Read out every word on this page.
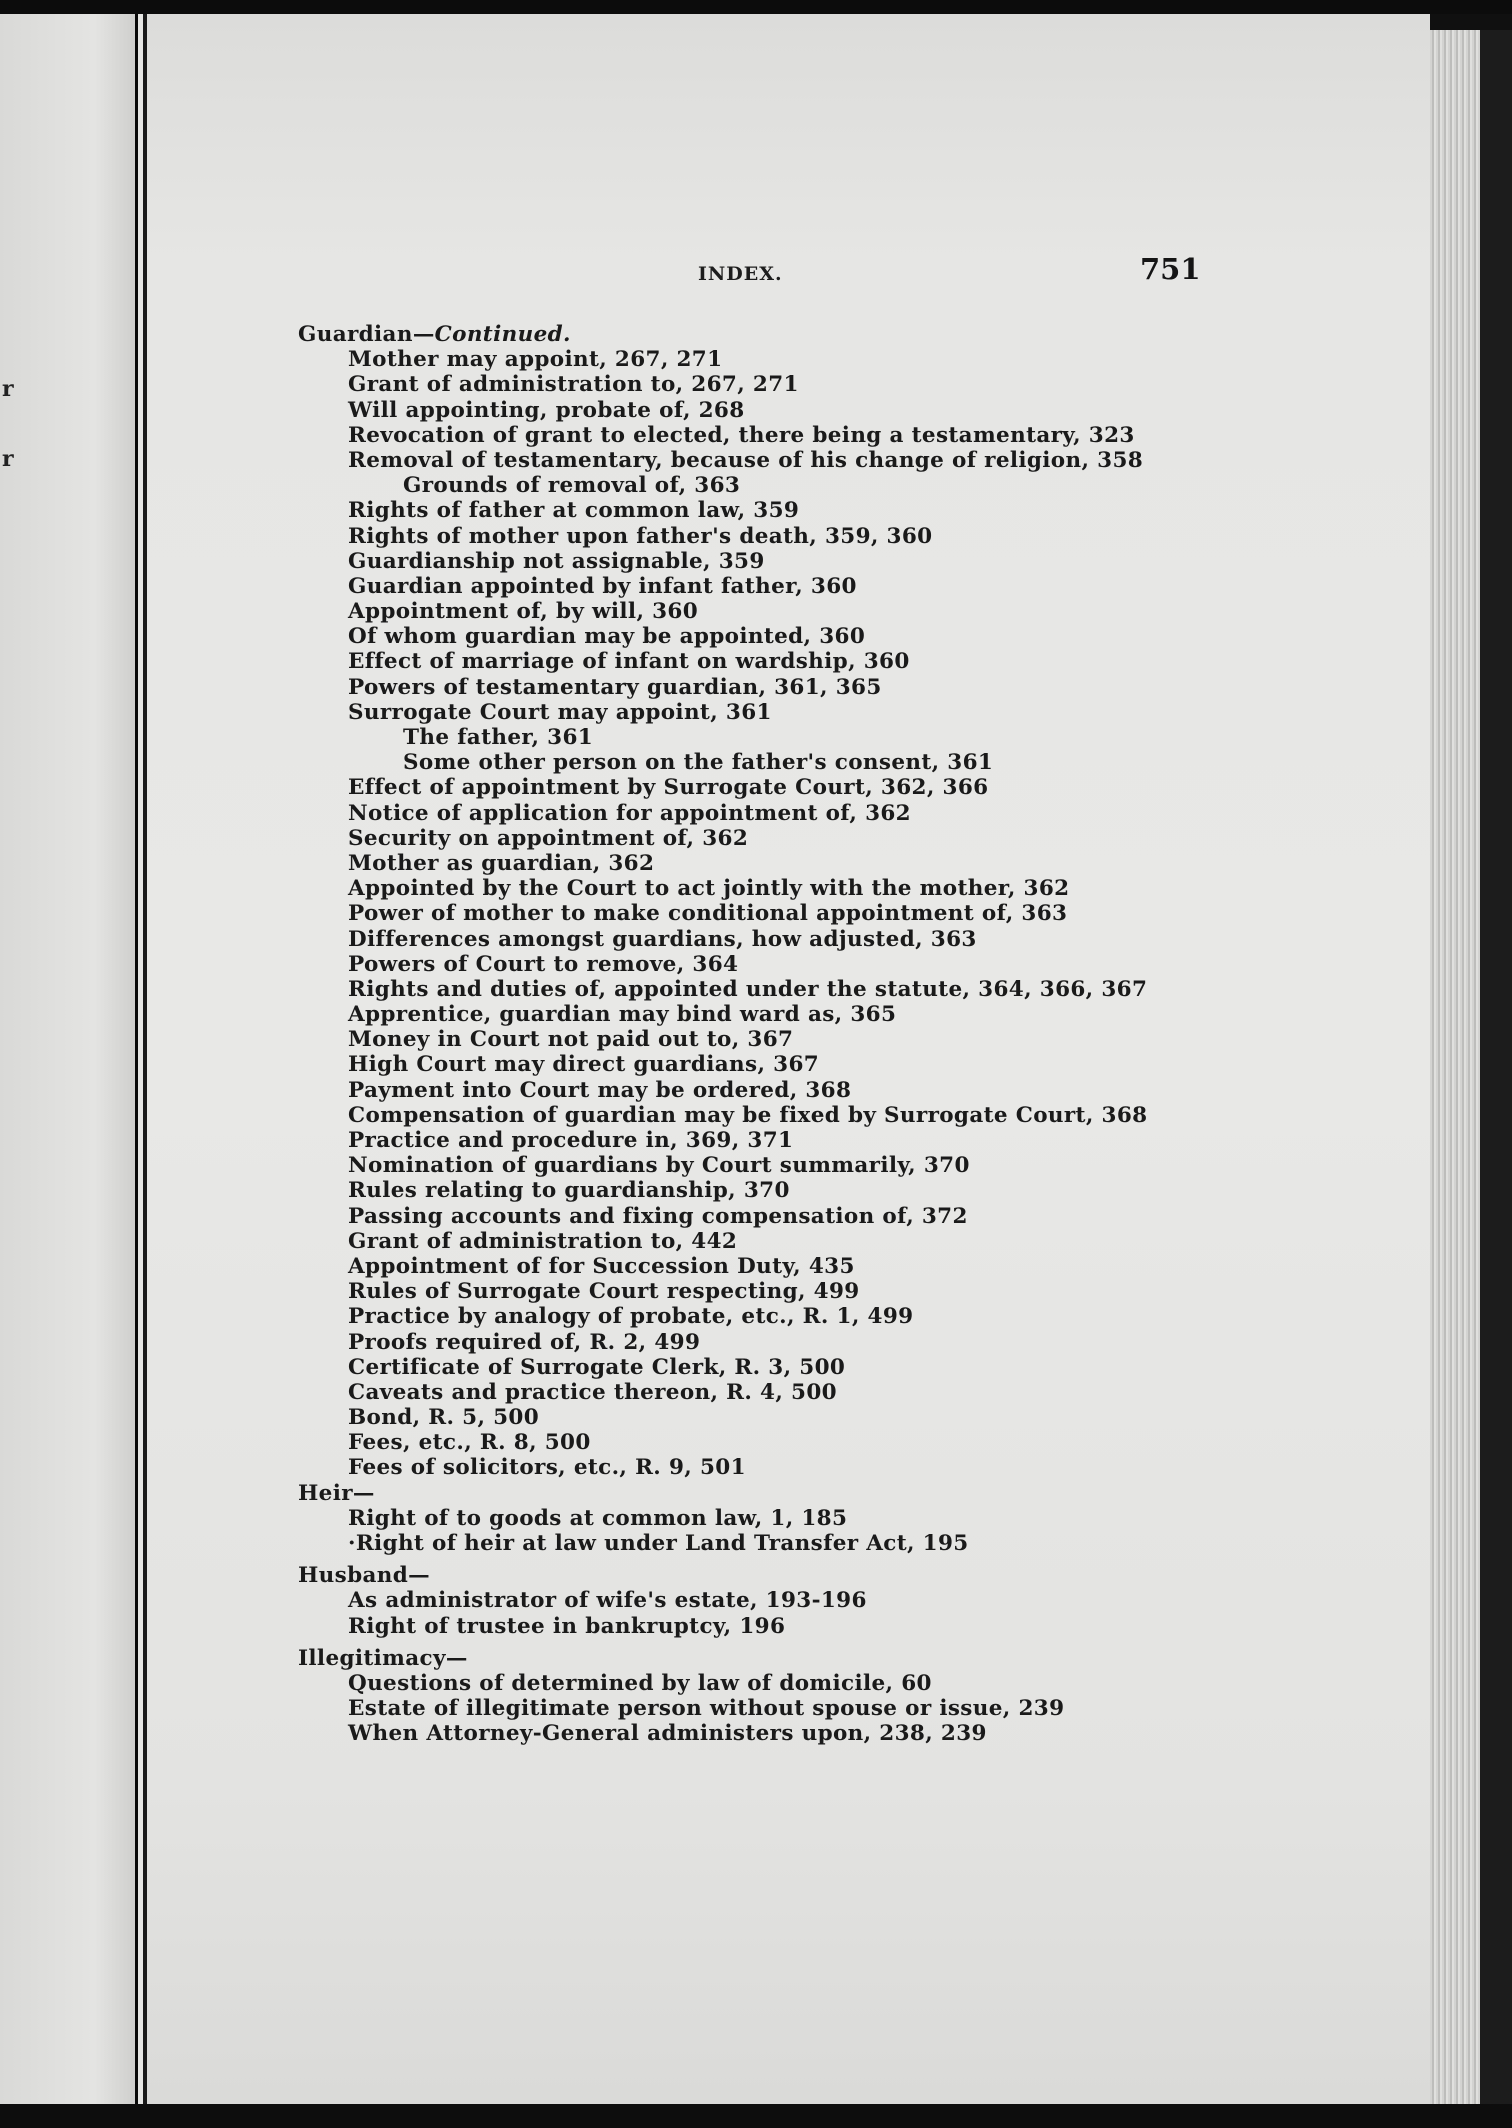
r
r
INDEX.	751
Guardian—Continued.
Mother may appoint, 267, 271
Grant of administration to, 267, 271
Will appointing, probate of, 268
Revocation of grant to elected, there being a testamentary, 323
Removal of testamentary, because of his change of religion, 358
Grounds of removal of, 363
Rights of father at common law, 359
Rights of mother upon father's death, 359, 360
Guardianship not assignable, 359
Guardian appointed by infant father, 360
Appointment of, by will, 360
Of whom guardian may be appointed, 360
Effect of marriage of infant on wardship, 360
Powers of testamentary guardian, 361, 365
Surrogate Court may appoint, 361
The father, 361
Some other person on the father's consent, 361
Effect of appointment by Surrogate Court, 362, 366
Notice of application for appointment of, 362
Security on appointment of, 362
Mother as guardian, 362
Appointed by the Court to act jointly with the mother, 362
Power of mother to make conditional appointment of, 363
Differences amongst guardians, how adjusted, 363
Powers of Court to remove, 364
Rights and duties of, appointed under the statute, 364, 366, 367
Apprentice, guardian may bind ward as, 365
Money in Court not paid out to, 367
High Court may direct guardians, 367
Payment into Court may be ordered, 368
Compensation of guardian may be fixed by Surrogate Court, 368
Practice and procedure in, 369, 371
Nomination of guardians by Court summarily, 370
Rules relating to guardianship, 370
Passing accounts and fixing compensation of, 372
Grant of administration to, 442
Appointment of for Succession Duty, 435
Rules of Surrogate Court respecting, 499
Practice by analogy of probate, etc., R. 1, 499
Proofs required of, R. 2, 499
Certificate of Surrogate Clerk, R. 3, 500
Caveats and practice thereon, R. 4, 500
Bond, R. 5, 500
Fees, etc., R. 8, 500
Fees of solicitors, etc., R. 9, 501
Heir—
Right of to goods at common law, 1, 185
·Right of heir at law under Land Transfer Act, 195
Husband—
As administrator of wife's estate, 193-196
Right of trustee in bankruptcy, 196
Illegitimacy—
Questions of determined by law of domicile, 60
Estate of illegitimate person without spouse or issue, 239
When Attorney-General administers upon, 238, 239
